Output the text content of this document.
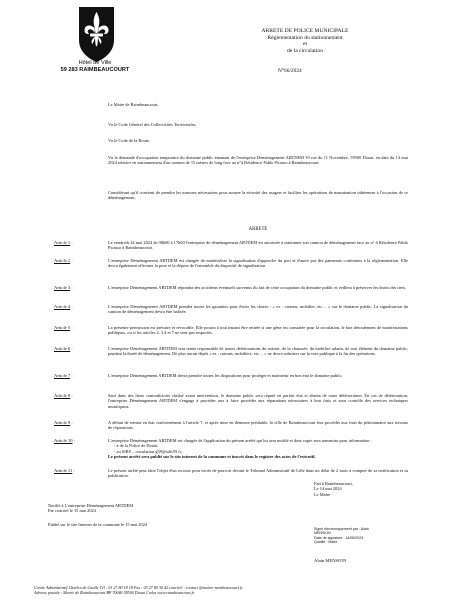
Hôtel de Ville
59 283 RAIMBEAUCOURT
ARRETE DE POLICE MUNICIPALE
Réglementation du stationnement
et
de la circulation
N°66/2024
Le Maire de Raimbeaucourt,
Vu le Code Général des Collectivités Territoriales,
Vu le Code de la Route,
Vu la demande d'occupation temporaire du domaine public émanant de l'entreprise Déménagement ARTDEM 39 rue du 11 Novembre, 59500 Douai, en date du 14 mai 2024 relative en stationnement d'un camion de 15 mètres de long face au n°4 Résidence Pablo Picasso à Raimbeaucourt.
Considérant qu'il convient de prendre les mesures nécessaires pour assurer la sécurité des usagers et faciliter les opérations de manutention inhérentes à l'occasion de ce déménagement,
ARRETE
Article 1 :	Le vendredi 24 mai 2024 de 08h00 à 17h00 l'entreprise de déménagement ARTDEM est autorisée à stationner son camion de déménagement face au n° 4 Résidence Pablo Picasso à Raimbeaucourt.
Article 2 :	L'entreprise Déménagement ARTDEM est chargée de matérialiser la signalisation d'approche du port et d'autre par des panneaux conformes à la réglementation. Elle devra également effectuer la pose et la dépose de l'ensemble du dispositif de signalisation.
Article 3 :	L'entreprise Déménagement ARTDEM répondra des accidents éventuels survenus du fait de cette occupation du domaine public et veillera à préserver les droits des tiers.
Article 4 :	L'entreprise Déménagement ARTDEM prendra toutes les garanties pour éviter les chutes : « ex : cartons, mobilier, etc… » sur le domaine public. La signalisation du camion de déménagement devra être balisée.
Article 5 :	La présente permission est précaire et révocable. Elle pourra à tout instant être retirée si une gêne est constatée pour la circulation, le bon déroulement de manifestations publiques, ou si les articles 2, 3,4 et 7 ne sont pas respectés.
Article 6 :	L'entreprise Déménagement ARTDEM sera tenue responsable de toutes détériorations du trottoir, de la chaussée, du mobilier urbain, de tout élément du domaine public, pendant la durée de déménagement. De plus aucun dépôt « ex : cartons, mobiliers, etc… » ne devra subsister sur la voie publique à la fin des opérations.
Article 7 :	L'entreprise Déménagement ARTDEM devra prendre toutes les dispositions pour protéger et maintenir en bon état le domaine public.
Article 8 :	Sauf dans des lieux contradictoire réalisé avant intervention, le domaine public sera réputé en parfait état et absent de toute détérioration. En cas de détérioration, l'entreprise Déménagement ARTDEM s'engage à procéder aux à faire procéder aux réparations nécessaires à leur frais et sous contrôle des services techniques municipaux.
Article 9 :	A défaut de remise en état conformément à l'article 7, et après mise en demeure préalable, la ville de Raimbeaucourt fera procéder aux frais du pétitionnaire aux travaux de réparations.
Article 10 :	L'entreprise Déménagement ARTDEM est chargée de l'application du présent arrêté qui lui sera notifié et dont copie sera transmise pour information :
- à de la Police de Douai,
- au SIRS – circulation.g59@sdis59.fr,
Le présent arrêté sera publié sur le site internet de la commune et inscrit dans le registre des actes de l'exécutif.
Article 11 :	Le présent arrêté peut faire l'objet d'un recours pour excès de pouvoir devant le Tribunal Administratif de Lille dans un délai de 2 mois à compter de sa notification et sa publication.
Notifié à L'entreprise Déménagement ARTDEM
Par courriel le 15 mai 2024
Publié sur le site Internet de la commune le 15 mai 2024
Fait à Raimbeaucourt,
Le 14 mai 2024
Le Maire
Signé électroniquement par : Alain
MENSION
Date de signature : 14/05/2024
Qualité : Maire
Alain MENSION
Centre Administratif Charles de Gaulle Tél : 03 27 80 18 18 Fax : 03 27 80 30 42 courriel : contact @mairie-raimbeaucourt.fr
Adresse postale : Mairie de Raimbeaucourt BP 70046 59500 Douai Cedex www.raimbeaucourt.fr
